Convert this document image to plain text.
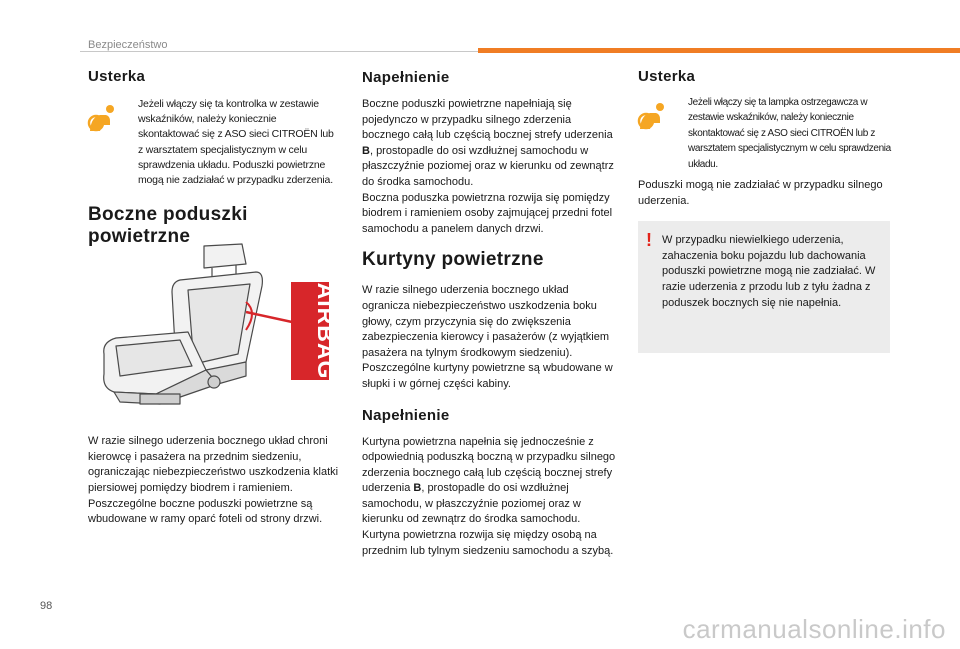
Bezpieczeństwo
Usterka

Jeżeli włączy się ta kontrolka w zestawie wskaźników, należy koniecznie skontaktować się z ASO sieci CITROËN lub z warsztatem specjalistycznym w celu sprawdzenia układu. Poduszki powietrzne mogą nie zadziałać w przypadku zderzenia.

Boczne poduszki powietrzne

W razie silnego uderzenia bocznego układ chroni kierowcę i pasażera na przednim siedzeniu, ograniczając niebezpieczeństwo uszkodzenia klatki piersiowej pomiędzy biodrem i ramieniem.
Poszczególne boczne poduszki powietrzne są wbudowane w ramy oparć foteli od strony drzwi.

AIRBAG
Napełnienie

Boczne poduszki powietrzne napełniają się pojedynczo w przypadku silnego zderzenia bocznego całą lub częścią bocznej strefy uderzenia B, prostopadle do osi wzdłużnej samochodu w płaszczyźnie poziomej oraz w kierunku od zewnątrz do środka samochodu.
Boczna poduszka powietrzna rozwija się pomiędzy biodrem i ramieniem osoby zajmującej przedni fotel samochodu a panelem danych drzwi.

Kurtyny powietrzne

W razie silnego uderzenia bocznego układ ogranicza niebezpieczeństwo uszkodzenia boku głowy, czym przyczynia się do zwiększenia zabezpieczenia kierowcy i pasażerów (z wyjątkiem pasażera na tylnym środkowym siedzeniu).
Poszczególne kurtyny powietrzne są wbudowane w słupki i w górnej części kabiny.

Napełnienie

Kurtyna powietrzna napełnia się jednocześnie z odpowiednią poduszką boczną w przypadku silnego zderzenia bocznego całą lub częścią bocznej strefy uderzenia B, prostopadle do osi wzdłużnej samochodu, w płaszczyźnie poziomej oraz w kierunku od zewnątrz do środka samochodu.
Kurtyna powietrzna rozwija się między osobą na przednim lub tylnym siedzeniu samochodu a szybą.

Usterka

Jeżeli włączy się ta lampka ostrzegawcza w zestawie wskaźników, należy koniecznie skontaktować się z ASO sieci CITROËN lub z warsztatem specjalistycznym w celu sprawdzenia układu.

Poduszki mogą nie zadziałać w przypadku silnego uderzenia.

! W przypadku niewielkiego uderzenia, zahaczenia boku pojazdu lub dachowania poduszki powietrzne mogą nie zadziałać. W razie uderzenia z przodu lub z tyłu żadna z poduszek bocznych się nie napełnia.

98
carmanualsonline.info
